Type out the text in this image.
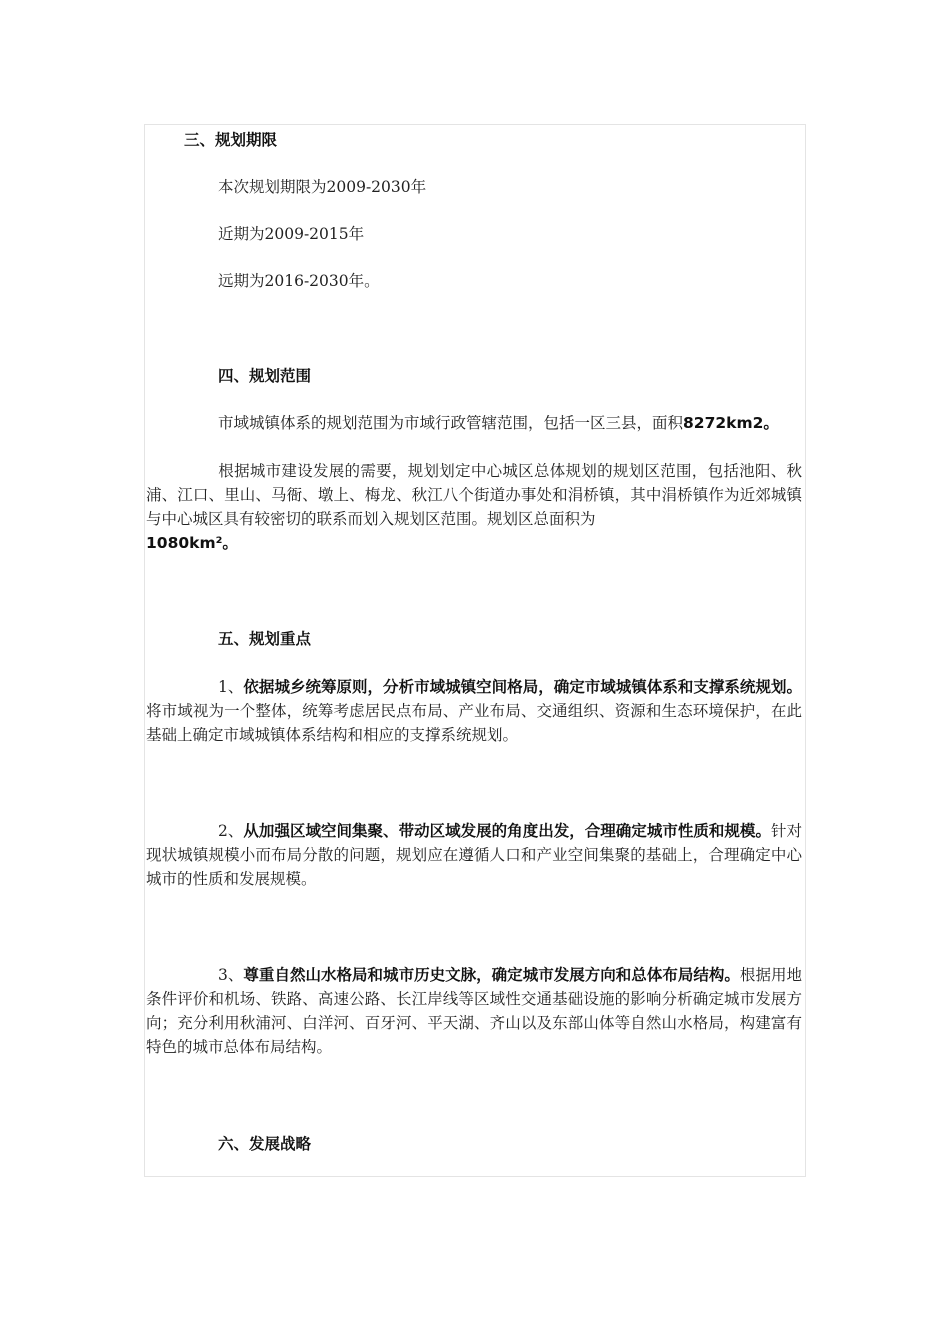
三、规划期限
本次规划期限为2009-2030年
近期为2009-2015年
远期为2016-2030年。
四、规划范围
市域城镇体系的规划范围为市域行政管辖范围，包括一区三县，面积8272km2。
根据城市建设发展的需要，规划划定中心城区总体规划的规划区范围，包括池阳、秋浦、江口、里山、马衙、墩上、梅龙、秋江八个街道办事处和涓桥镇，其中涓桥镇作为近郊城镇与中心城区具有较密切的联系而划入规划区范围。规划区总面积为
1080km²。
五、规划重点
1、依据城乡统筹原则，分析市域城镇空间格局，确定市域城镇体系和支撑系统规划。将市域视为一个整体，统筹考虑居民点布局、产业布局、交通组织、资源和生态环境保护，在此基础上确定市域城镇体系结构和相应的支撑系统规划。
2、从加强区域空间集聚、带动区域发展的角度出发，合理确定城市性质和规模。针对现状城镇规模小而布局分散的问题，规划应在遵循人口和产业空间集聚的基础上，合理确定中心城市的性质和发展规模。
3、尊重自然山水格局和城市历史文脉，确定城市发展方向和总体布局结构。根据用地条件评价和机场、铁路、高速公路、长江岸线等区域性交通基础设施的影响分析确定城市发展方向；充分利用秋浦河、白洋河、百牙河、平天湖、齐山以及东部山体等自然山水格局，构建富有特色的城市总体布局结构。
六、发展战略
